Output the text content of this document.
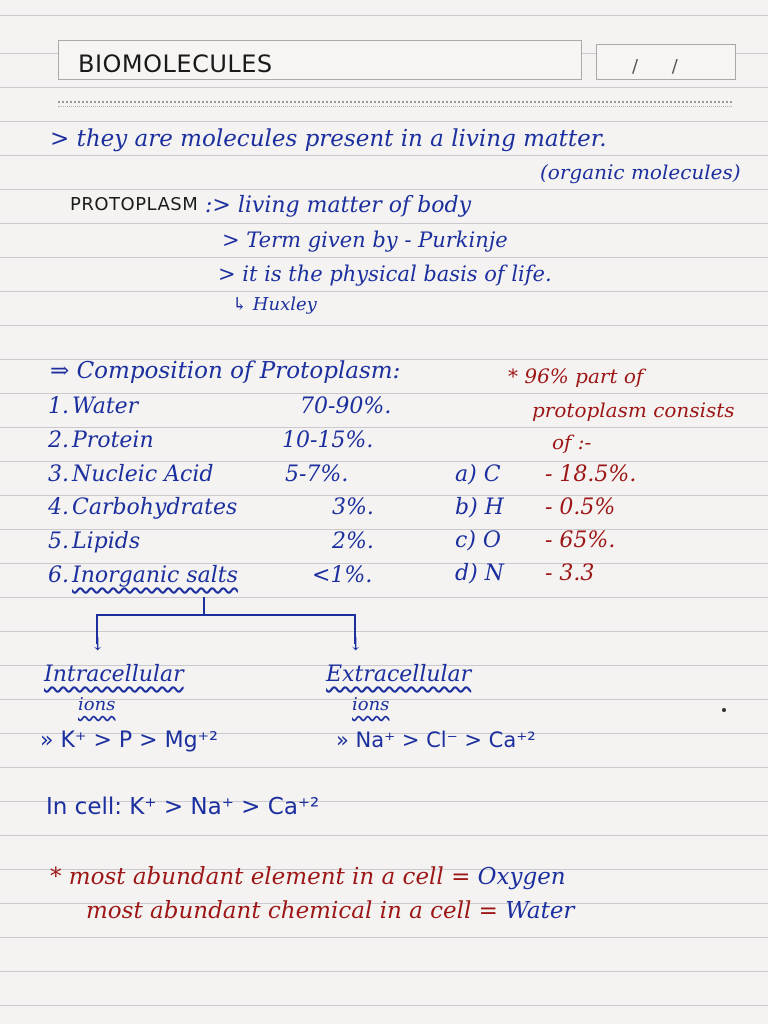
BIOMOLECULES	/ /
> they are molecules present in a living matter.
(organic molecules)
PROTOPLASM :> living matter of body
> Term given by - Purkinje
> it is the physical basis of life.
↳ Huxley
⇒ Composition of Protoplasm:
1. Water	70-90%.
2. Protein	10-15%.
3. Nucleic Acid	5-7%.
4. Carbohydrates	3%.
5. Lipids	2%.
6. Inorganic salts	<1%.
* 96% part of
protoplasm consists
of :-
a) C - 18.5%.
b) H - 0.5%
c) O - 65%.
d) N - 3.3
↓	↓
Intracellular
ions
» K⁺ > P > Mg⁺²
Extracellular
ions
» Na⁺ > Cl⁻ > Ca⁺²
In cell: K⁺ > Na⁺ > Ca⁺²
* most abundant element in a cell = Oxygen
most abundant chemical in a cell = Water
